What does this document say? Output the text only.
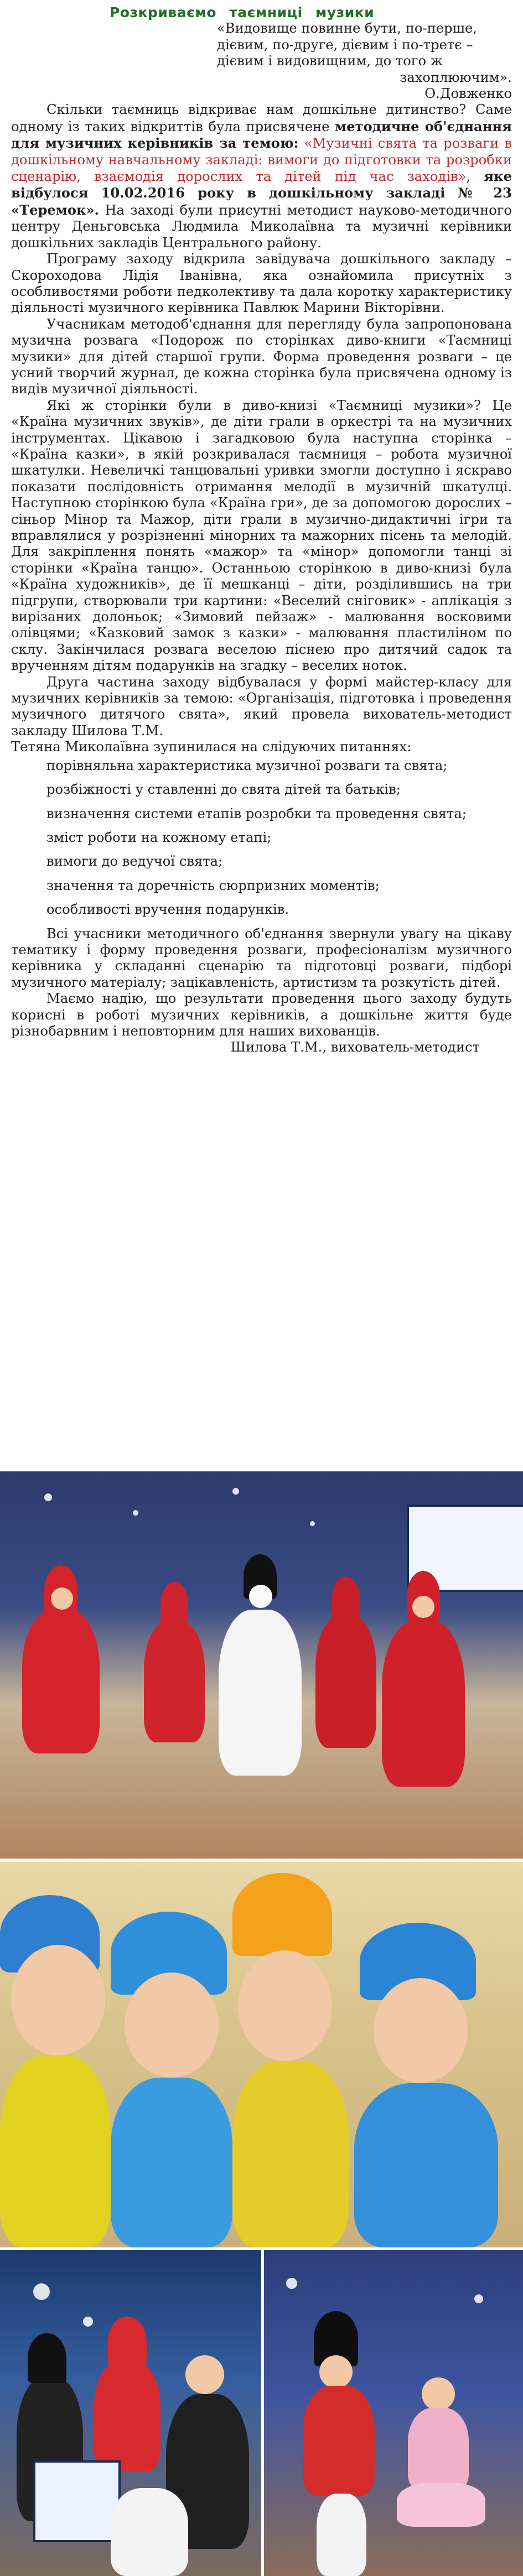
Розкриваємо таємниці музики
«Видовище повинне бути, по-перше,
дієвим, по-друге, дієвим і по-третє –
дієвим і видовищним, до того ж
захоплюючим».
О.Довженко

Скільки таємниць відкриває нам дошкільне дитинство? Саме одному із таких відкриттів була присвячене методичне об'єднання для музичних керівників за темою: «Музичні свята та розваги в дошкільному навчальному закладі: вимоги до підготовки та розробки сценарію, взаємодія дорослих та дітей під час заходів», яке відбулося 10.02.2016 року в дошкільному закладі № 23 «Теремок». На заході були присутні методист науково-методичного центру Деньговська Людмила Миколаївна та музичні керівники дошкільних закладів Центрального району.

Програму заходу відкрила завідувача дошкільного закладу – Скороходова Лідія Іванівна, яка ознайомила присутніх з особливостями роботи педколективу та дала коротку характеристику діяльності музичного керівника Павлюк Марини Вікторівни.

Учасникам методоб'єднання для перегляду була запропонована музична розвага «Подорож по сторінках диво-книги «Таємниці музики» для дітей старшої групи. Форма проведення розваги – це усний творчий журнал, де кожна сторінка була присвячена одному із видів музичної діяльності.

Які ж сторінки були в диво-книзі «Таємниці музики»? Це «Країна музичних звуків», де діти грали в оркестрі та на музичних інструментах. Цікавою і загадковою була наступна сторінка – «Країна казки», в якій розкривалася таємниця – робота музичної шкатулки. Невеличкі танцювальні уривки змогли доступно і яскраво показати послідовність отримання мелодії в музичній шкатулці. Наступною сторінкою була «Країна гри», де за допомогою дорослих – сіньор Мінор та Мажор, діти грали в музично-дидактичні ігри та вправлялися у розрізненні мінорних та мажорних пісень та мелодій. Для закріплення понять «мажор» та «мінор» допомогли танці зі сторінки «Країна танцю». Останньою сторінкою в диво-книзі була «Країна художників», де її мешканці – діти, розділившись на три підгрупи, створювали три картини: «Веселий сніговик» - аплікація з вирізаних долоньок; «Зимовий пейзаж» - малювання восковими олівцями; «Казковий замок з казки» - малювання пластиліном по склу. Закінчилася розвага веселою піснею про дитячий садок та врученням дітям подарунків на згадку – веселих ноток.

Друга частина заходу відбувалася у формі майстер-класу для музичних керівників за темою: «Організація, підготовка і проведення музичного дитячого свята», який провела вихователь-методист закладу Шилова Т.М.

Тетяна Миколаївна зупинилася на слідуючих питаннях:

порівняльна характеристика музичної розваги та свята;
розбіжності у ставленні до свята дітей та батьків;
визначення системи етапів розробки та проведення свята;
зміст роботи на кожному етапі;
вимоги до ведучої свята;
значення та доречність сюрпризних моментів;
особливості вручення подарунків.

Всі учасники методичного об'єднання звернули увагу на цікаву тематику і форму проведення розваги, професіоналізм музичного керівника у складанні сценарію та підготовці розваги, підборі музичного матеріалу; зацікавленість, артистизм та розкутість дітей.

Маємо надію, що результати проведення цього заходу будуть корисні в роботі музичних керівників, а дошкільне життя буде різнобарвним і неповторним для наших вихованців.

Шилова Т.М., вихователь-методист
